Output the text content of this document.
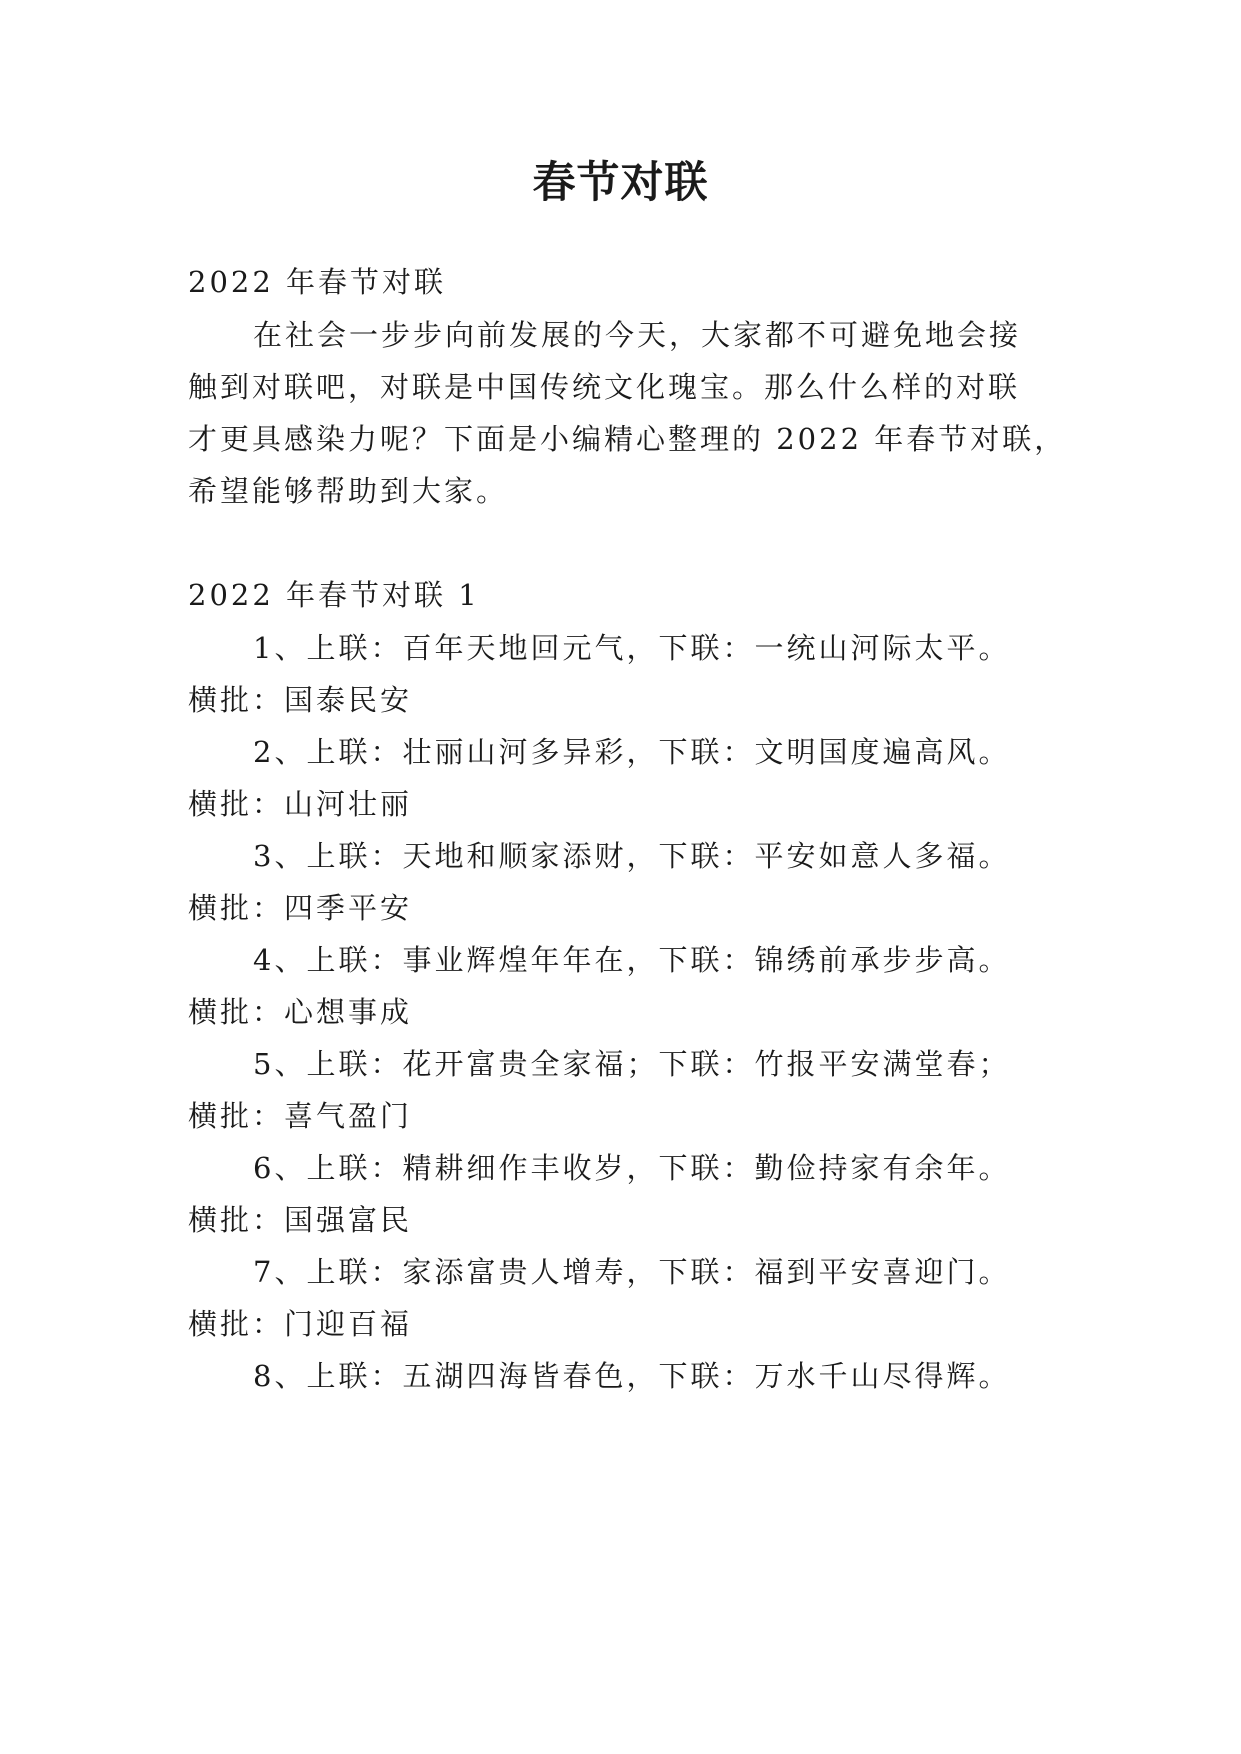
春节对联
2022 年春节对联
在社会一步步向前发展的今天，大家都不可避免地会接
触到对联吧，对联是中国传统文化瑰宝。那么什么样的对联
才更具感染力呢？下面是小编精心整理的 2022 年春节对联，
希望能够帮助到大家。
2022 年春节对联 1
1、上联：百年天地回元气，下联：一统山河际太平。
横批：国泰民安
2、上联：壮丽山河多异彩，下联：文明国度遍高风。
横批：山河壮丽
3、上联：天地和顺家添财，下联：平安如意人多福。
横批：四季平安
4、上联：事业辉煌年年在，下联：锦绣前承步步高。
横批：心想事成
5、上联：花开富贵全家福；下联：竹报平安满堂春；
横批：喜气盈门
6、上联：精耕细作丰收岁，下联：勤俭持家有余年。
横批：国强富民
7、上联：家添富贵人增寿，下联：福到平安喜迎门。
横批：门迎百福
8、上联：五湖四海皆春色，下联：万水千山尽得辉。
